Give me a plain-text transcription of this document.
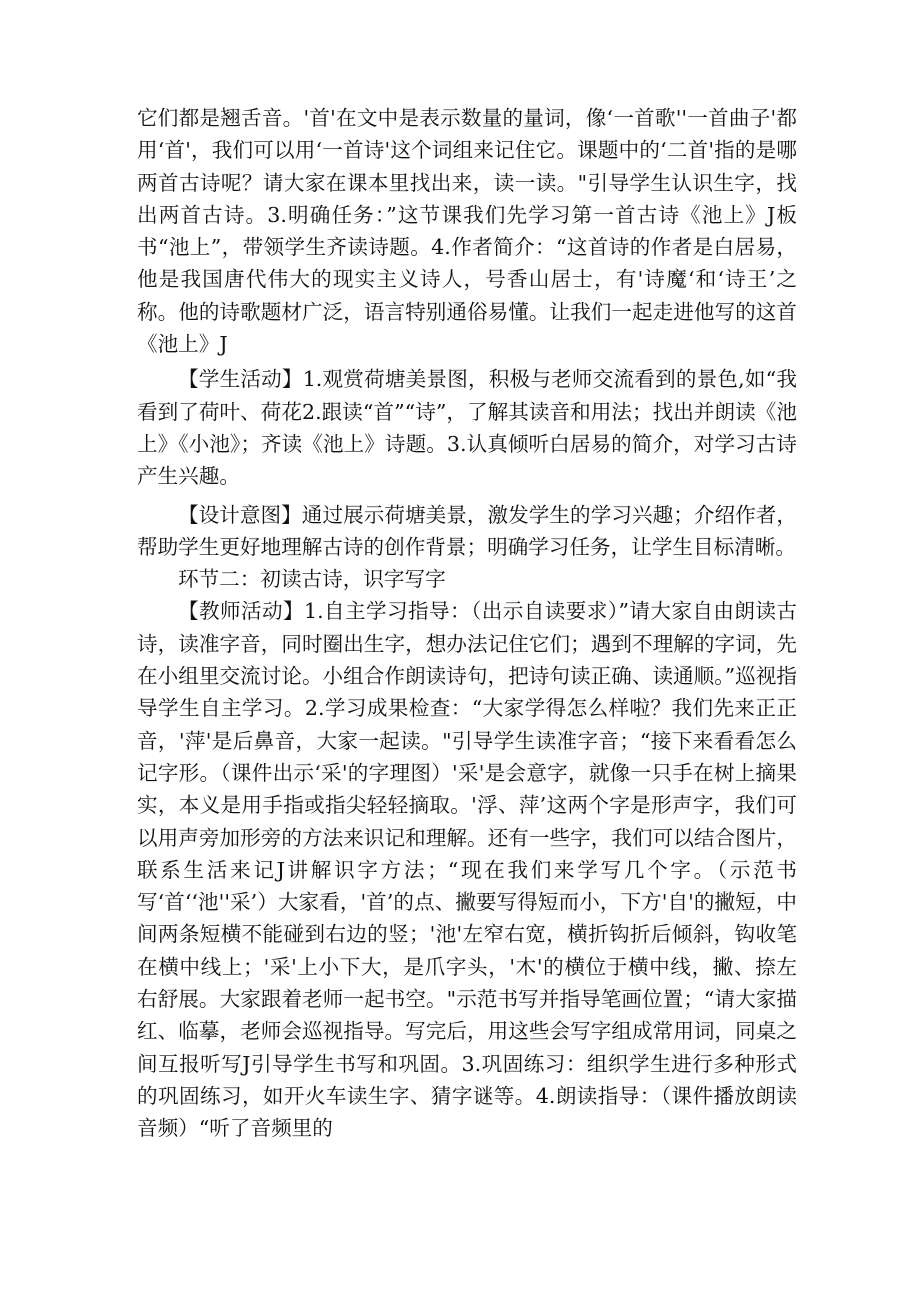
它们都是翘舌音。'首'在文中是表示数量的量词，像‘一首歌''一首曲子'都用‘首'，我们可以用‘一首诗'这个词组来记住它。课题中的‘二首'指的是哪两首古诗呢？请大家在课本里找出来，读一读。"引导学生认识生字，找出两首古诗。3.明确任务：”这节课我们先学习第一首古诗《池上》J板书“池上”，带领学生齐读诗题。4.作者简介：“这首诗的作者是白居易，他是我国唐代伟大的现实主义诗人，号香山居士，有'诗魔‘和‘诗王’之称。他的诗歌题材广泛，语言特别通俗易懂。让我们一起走进他写的这首《池上》J

【学生活动】1.观赏荷塘美景图，积极与老师交流看到的景色,如“我看到了荷叶、荷花2.跟读“首”“诗”，了解其读音和用法；找出并朗读《池上》《小池》；齐读《池上》诗题。3.认真倾听白居易的简介，对学习古诗产生兴趣。

【设计意图】通过展示荷塘美景，激发学生的学习兴趣；介绍作者，帮助学生更好地理解古诗的创作背景；明确学习任务，让学生目标清晰。

环节二：初读古诗，识字写字

【教师活动】1.自主学习指导：（出示自读要求）”请大家自由朗读古诗，读准字音，同时圈出生字，想办法记住它们；遇到不理解的字词，先在小组里交流讨论。小组合作朗读诗句，把诗句读正确、读通顺。”巡视指导学生自主学习。2.学习成果检查：“大家学得怎么样啦？我们先来正正音，'萍'是后鼻音，大家一起读。"引导学生读准字音；“接下来看看怎么记字形。（课件出示‘采'的字理图）'采'是会意字，就像一只手在树上摘果实，本义是用手指或指尖轻轻摘取。'浮、萍’这两个字是形声字，我们可以用声旁加形旁的方法来识记和理解。还有一些字，我们可以结合图片，联系生活来记J讲解识字方法；“现在我们来学写几个字。（示范书写‘首‘‘池''采’）大家看，'首’的点、撇要写得短而小，下方'自'的撇短，中间两条短横不能碰到右边的竖；'池'左窄右宽，横折钩折后倾斜，钩收笔在横中线上；'采'上小下大，是爪字头，'木'的横位于横中线，撇、捺左右舒展。大家跟着老师一起书空。"示范书写并指导笔画位置；“请大家描红、临摹，老师会巡视指导。写完后，用这些会写字组成常用词，同桌之间互报听写J引导学生书写和巩固。3.巩固练习：组织学生进行多种形式的巩固练习，如开火车读生字、猜字谜等。4.朗读指导：（课件播放朗读音频）“听了音频里的
